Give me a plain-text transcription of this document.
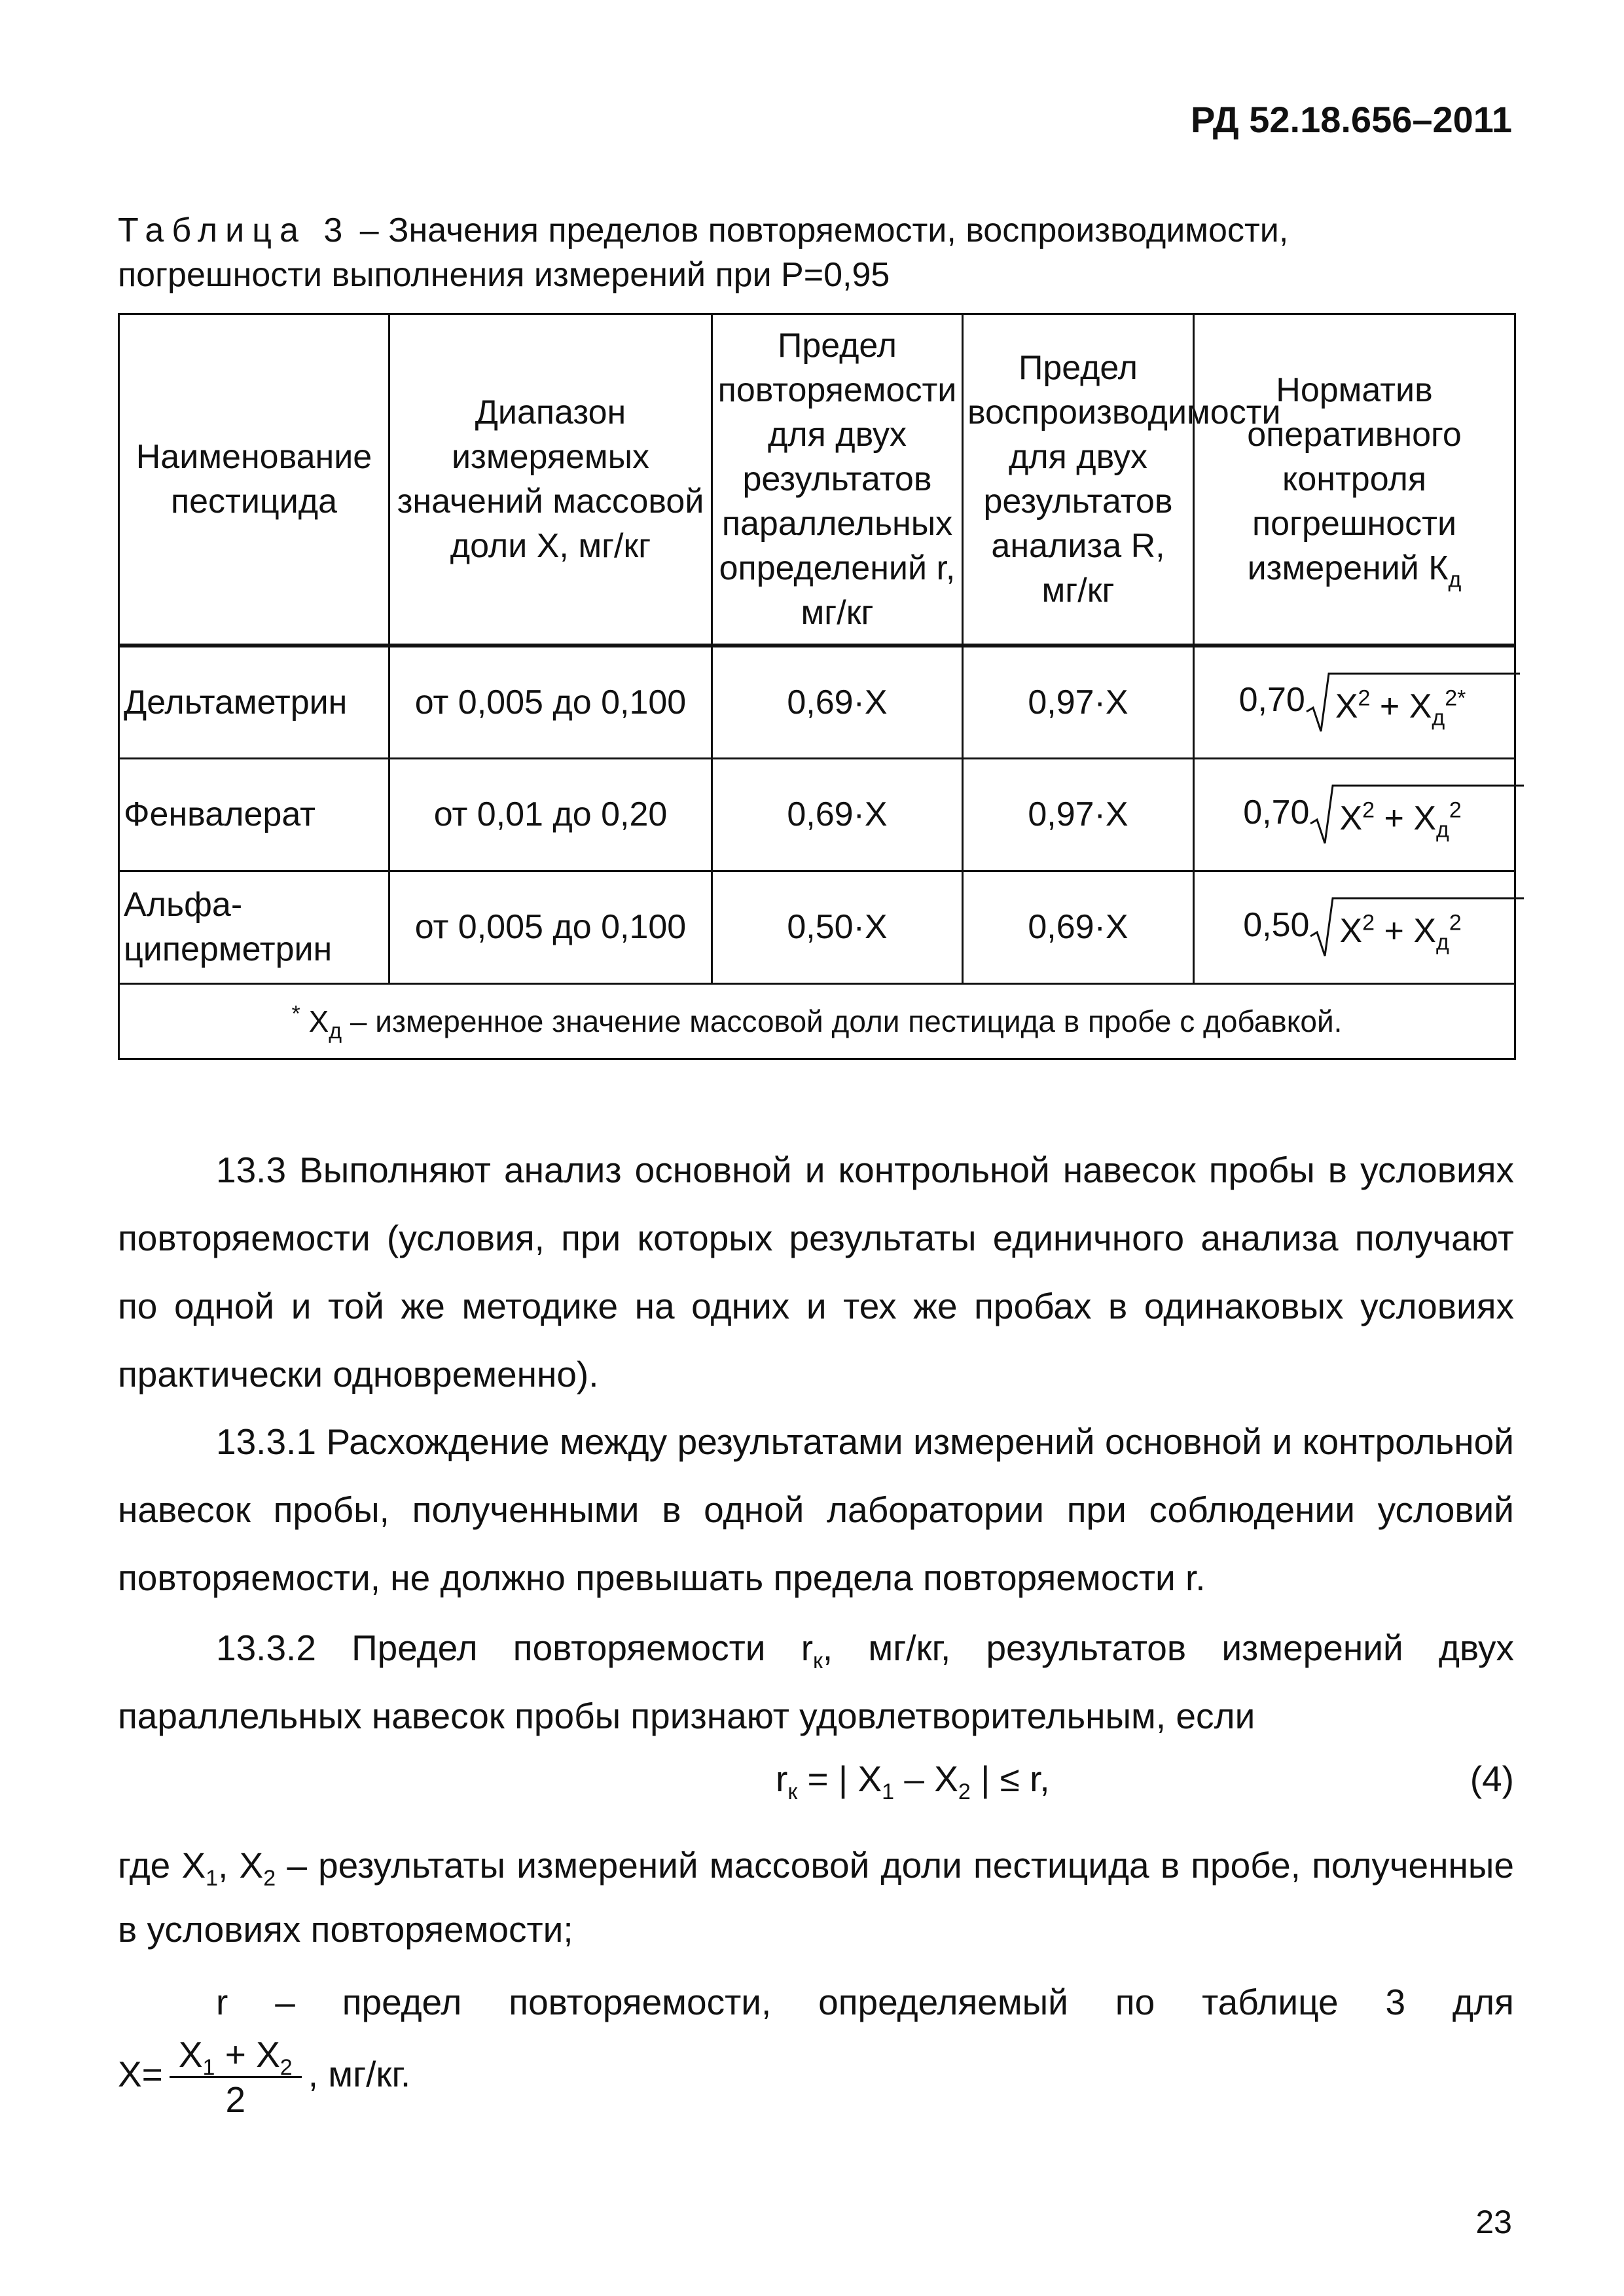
РД 52.18.656–2011
Таблица 3 – Значения пределов повторяемости, воспроизводимости,
погрешности выполнения измерений при Р=0,95
Наименование пестицида	Диапазон измеряемых значений массовой доли Х, мг/кг	Предел повторяемости для двух результатов параллельных определений r, мг/кг	Предел воспроизводимости для двух результатов анализа R, мг/кг	Норматив оперативного контроля погрешности измерений $К_д$
Дельтаметрин	от 0,005 до 0,100	0,69·Х	0,97·Х	0,70 $X^2 + X_д^{2*}$
Фенвалерат	от 0,01 до 0,20	0,69·Х	0,97·Х	0,70 $X^2 + X_д^2$
Альфа-циперметрин	от 0,005 до 0,100	0,50·Х	0,69·Х	0,50 $X^2 + X_д^2$
* $Х_д$ – измеренное значение массовой доли пестицида в пробе с добавкой.				
13.3 Выполняют анализ основной и контрольной навесок пробы в условиях повторяемости (условия, при которых результаты единичного анализа получают по одной и той же методике на одних и тех же пробах в одинаковых условиях практически одновременно).
13.3.1 Расхождение между результатами измерений основной и контрольной навесок пробы, полученными в одной лаборатории при соблюдении условий повторяемости, не должно превышать предела повторяемости r.
13.3.2 Предел повторяемости $r_к$, мг/кг, результатов измерений двух параллельных навесок пробы признают удовлетворительным, если
$r_к$ = | $X_1 - X_2$ | ≤ r,	(4)
где $X_1$, $X_2$ – результаты измерений массовой доли пестицида в пробе, полученные в условиях повторяемости;
r – предел повторяемости, определяемый по таблице 3 для
$Х= \frac{X_1 + X_2}{2}$ , мг/кг.
23
